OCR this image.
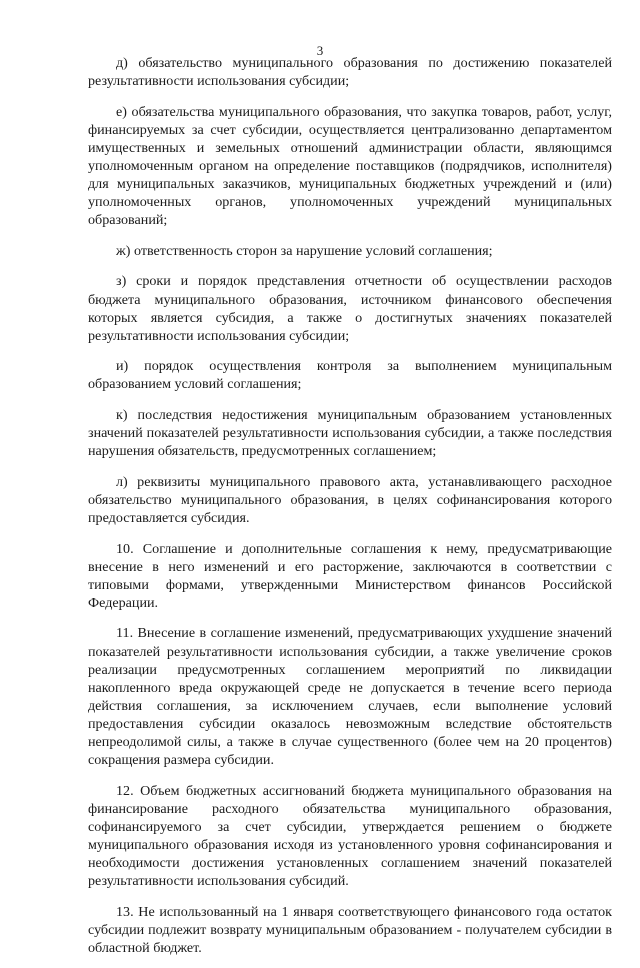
3

д) обязательство муниципального образования по достижению показателей результативности использования субсидии;

е) обязательства муниципального образования, что закупка товаров, работ, услуг, финансируемых за счет субсидии, осуществляется централизованно департаментом имущественных и земельных отношений администрации области, являющимся уполномоченным органом на определение поставщиков (подрядчиков, исполнителя) для муниципальных заказчиков, муниципальных бюджетных учреждений и (или) уполномоченных органов, уполномоченных учреждений муниципальных образований;

ж) ответственность сторон за нарушение условий соглашения;

з) сроки и порядок представления отчетности об осуществлении расходов бюджета муниципального образования, источником финансового обеспечения которых является субсидия, а также о достигнутых значениях показателей результативности использования субсидии;

и) порядок осуществления контроля за выполнением муниципальным образованием условий соглашения;

к) последствия недостижения муниципальным образованием установленных значений показателей результативности использования субсидии, а также последствия нарушения обязательств, предусмотренных соглашением;

л) реквизиты муниципального правового акта, устанавливающего расходное обязательство муниципального образования, в целях софинансирования которого предоставляется субсидия.

10. Соглашение и дополнительные соглашения к нему, предусматривающие внесение в него изменений и его расторжение, заключаются в соответствии с типовыми формами, утвержденными Министерством финансов Российской Федерации.

11. Внесение в соглашение изменений, предусматривающих ухудшение значений показателей результативности использования субсидии, а также увеличение сроков реализации предусмотренных соглашением мероприятий по ликвидации накопленного вреда окружающей среде не допускается в течение всего периода действия соглашения, за исключением случаев, если выполнение условий предоставления субсидии оказалось невозможным вследствие обстоятельств непреодолимой силы, а также в случае существенного (более чем на 20 процентов) сокращения размера субсидии.

12. Объем бюджетных ассигнований бюджета муниципального образования на финансирование расходного обязательства муниципального образования, софинансируемого за счет субсидии, утверждается решением о бюджете муниципального образования исходя из установленного уровня софинансирования и необходимости достижения установленных соглашением значений показателей результативности использования субсидий.

13. Не использованный на 1 января соответствующего финансового года остаток субсидии подлежит возврату муниципальным образованием - получателем субсидии в областной бюджет.
